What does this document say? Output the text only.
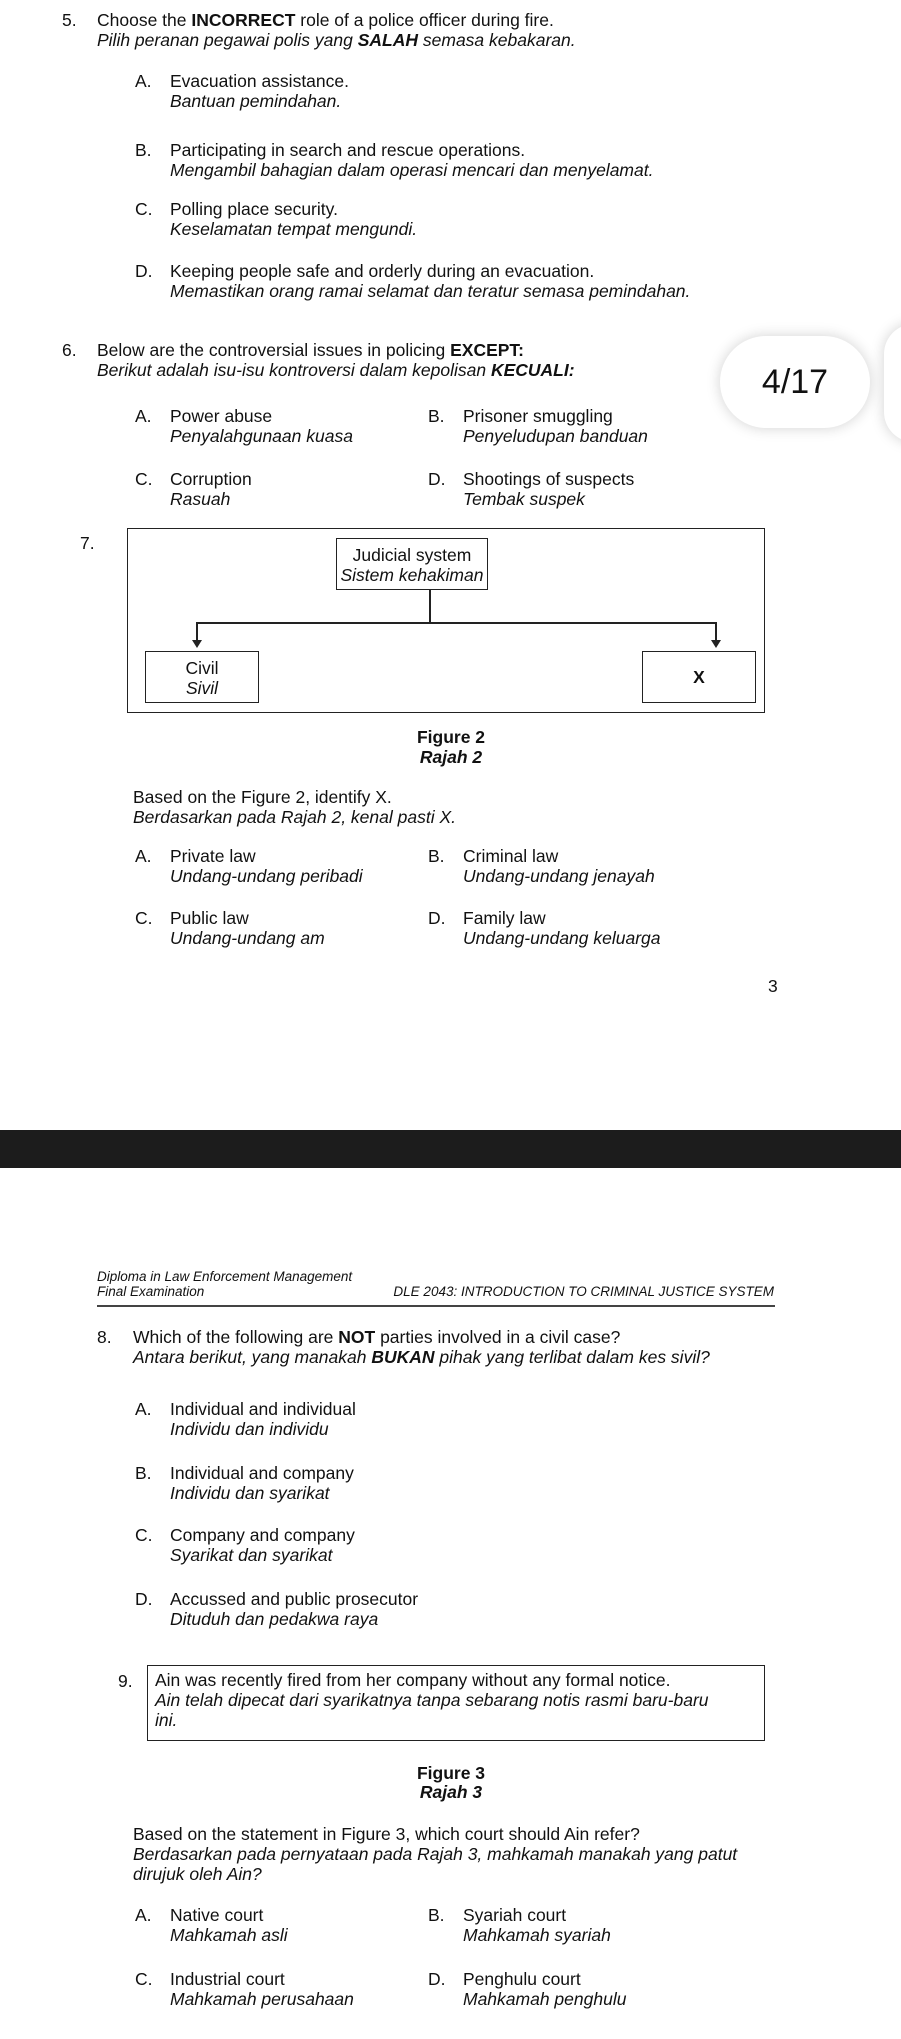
5. Choose the INCORRECT role of a police officer during fire.
Pilih peranan pegawai polis yang SALAH semasa kebakaran.
A. Evacuation assistance.
Bantuan pemindahan.
B. Participating in search and rescue operations.
Mengambil bahagian dalam operasi mencari dan menyelamat.
C. Polling place security.
Keselamatan tempat mengundi.
D. Keeping people safe and orderly during an evacuation.
Memastikan orang ramai selamat dan teratur semasa pemindahan.
6. Below are the controversial issues in policing EXCEPT:
Berikut adalah isu-isu kontroversi dalam kepolisan KECUALI:
A. Power abuse
Penyalahgunaan kuasa
B. Prisoner smuggling
Penyeludupan banduan
C. Corruption
Rasuah
D. Shootings of suspects
Tembak suspek
4/17
7.
Judicial system
Sistem kehakiman
Civil
Sivil
X
Figure 2
Rajah 2
Based on the Figure 2, identify X.
Berdasarkan pada Rajah 2, kenal pasti X.
A. Private law
Undang-undang peribadi
B. Criminal law
Undang-undang jenayah
C. Public law
Undang-undang am
D. Family law
Undang-undang keluarga
3
Diploma in Law Enforcement Management
Final Examination	DLE 2043: INTRODUCTION TO CRIMINAL JUSTICE SYSTEM
8. Which of the following are NOT parties involved in a civil case?
Antara berikut, yang manakah BUKAN pihak yang terlibat dalam kes sivil?
A. Individual and individual
Individu dan individu
B. Individual and company
Individu dan syarikat
C. Company and company
Syarikat dan syarikat
D. Accussed and public prosecutor
Dituduh dan pedakwa raya
9. Ain was recently fired from her company without any formal notice.
Ain telah dipecat dari syarikatnya tanpa sebarang notis rasmi baru-baru
ini.
Figure 3
Rajah 3
Based on the statement in Figure 3, which court should Ain refer?
Berdasarkan pada pernyataan pada Rajah 3, mahkamah manakah yang patut
dirujuk oleh Ain?
A. Native court
Mahkamah asli
B. Syariah court
Mahkamah syariah
C. Industrial court
Mahkamah perusahaan
D. Penghulu court
Mahkamah penghulu
